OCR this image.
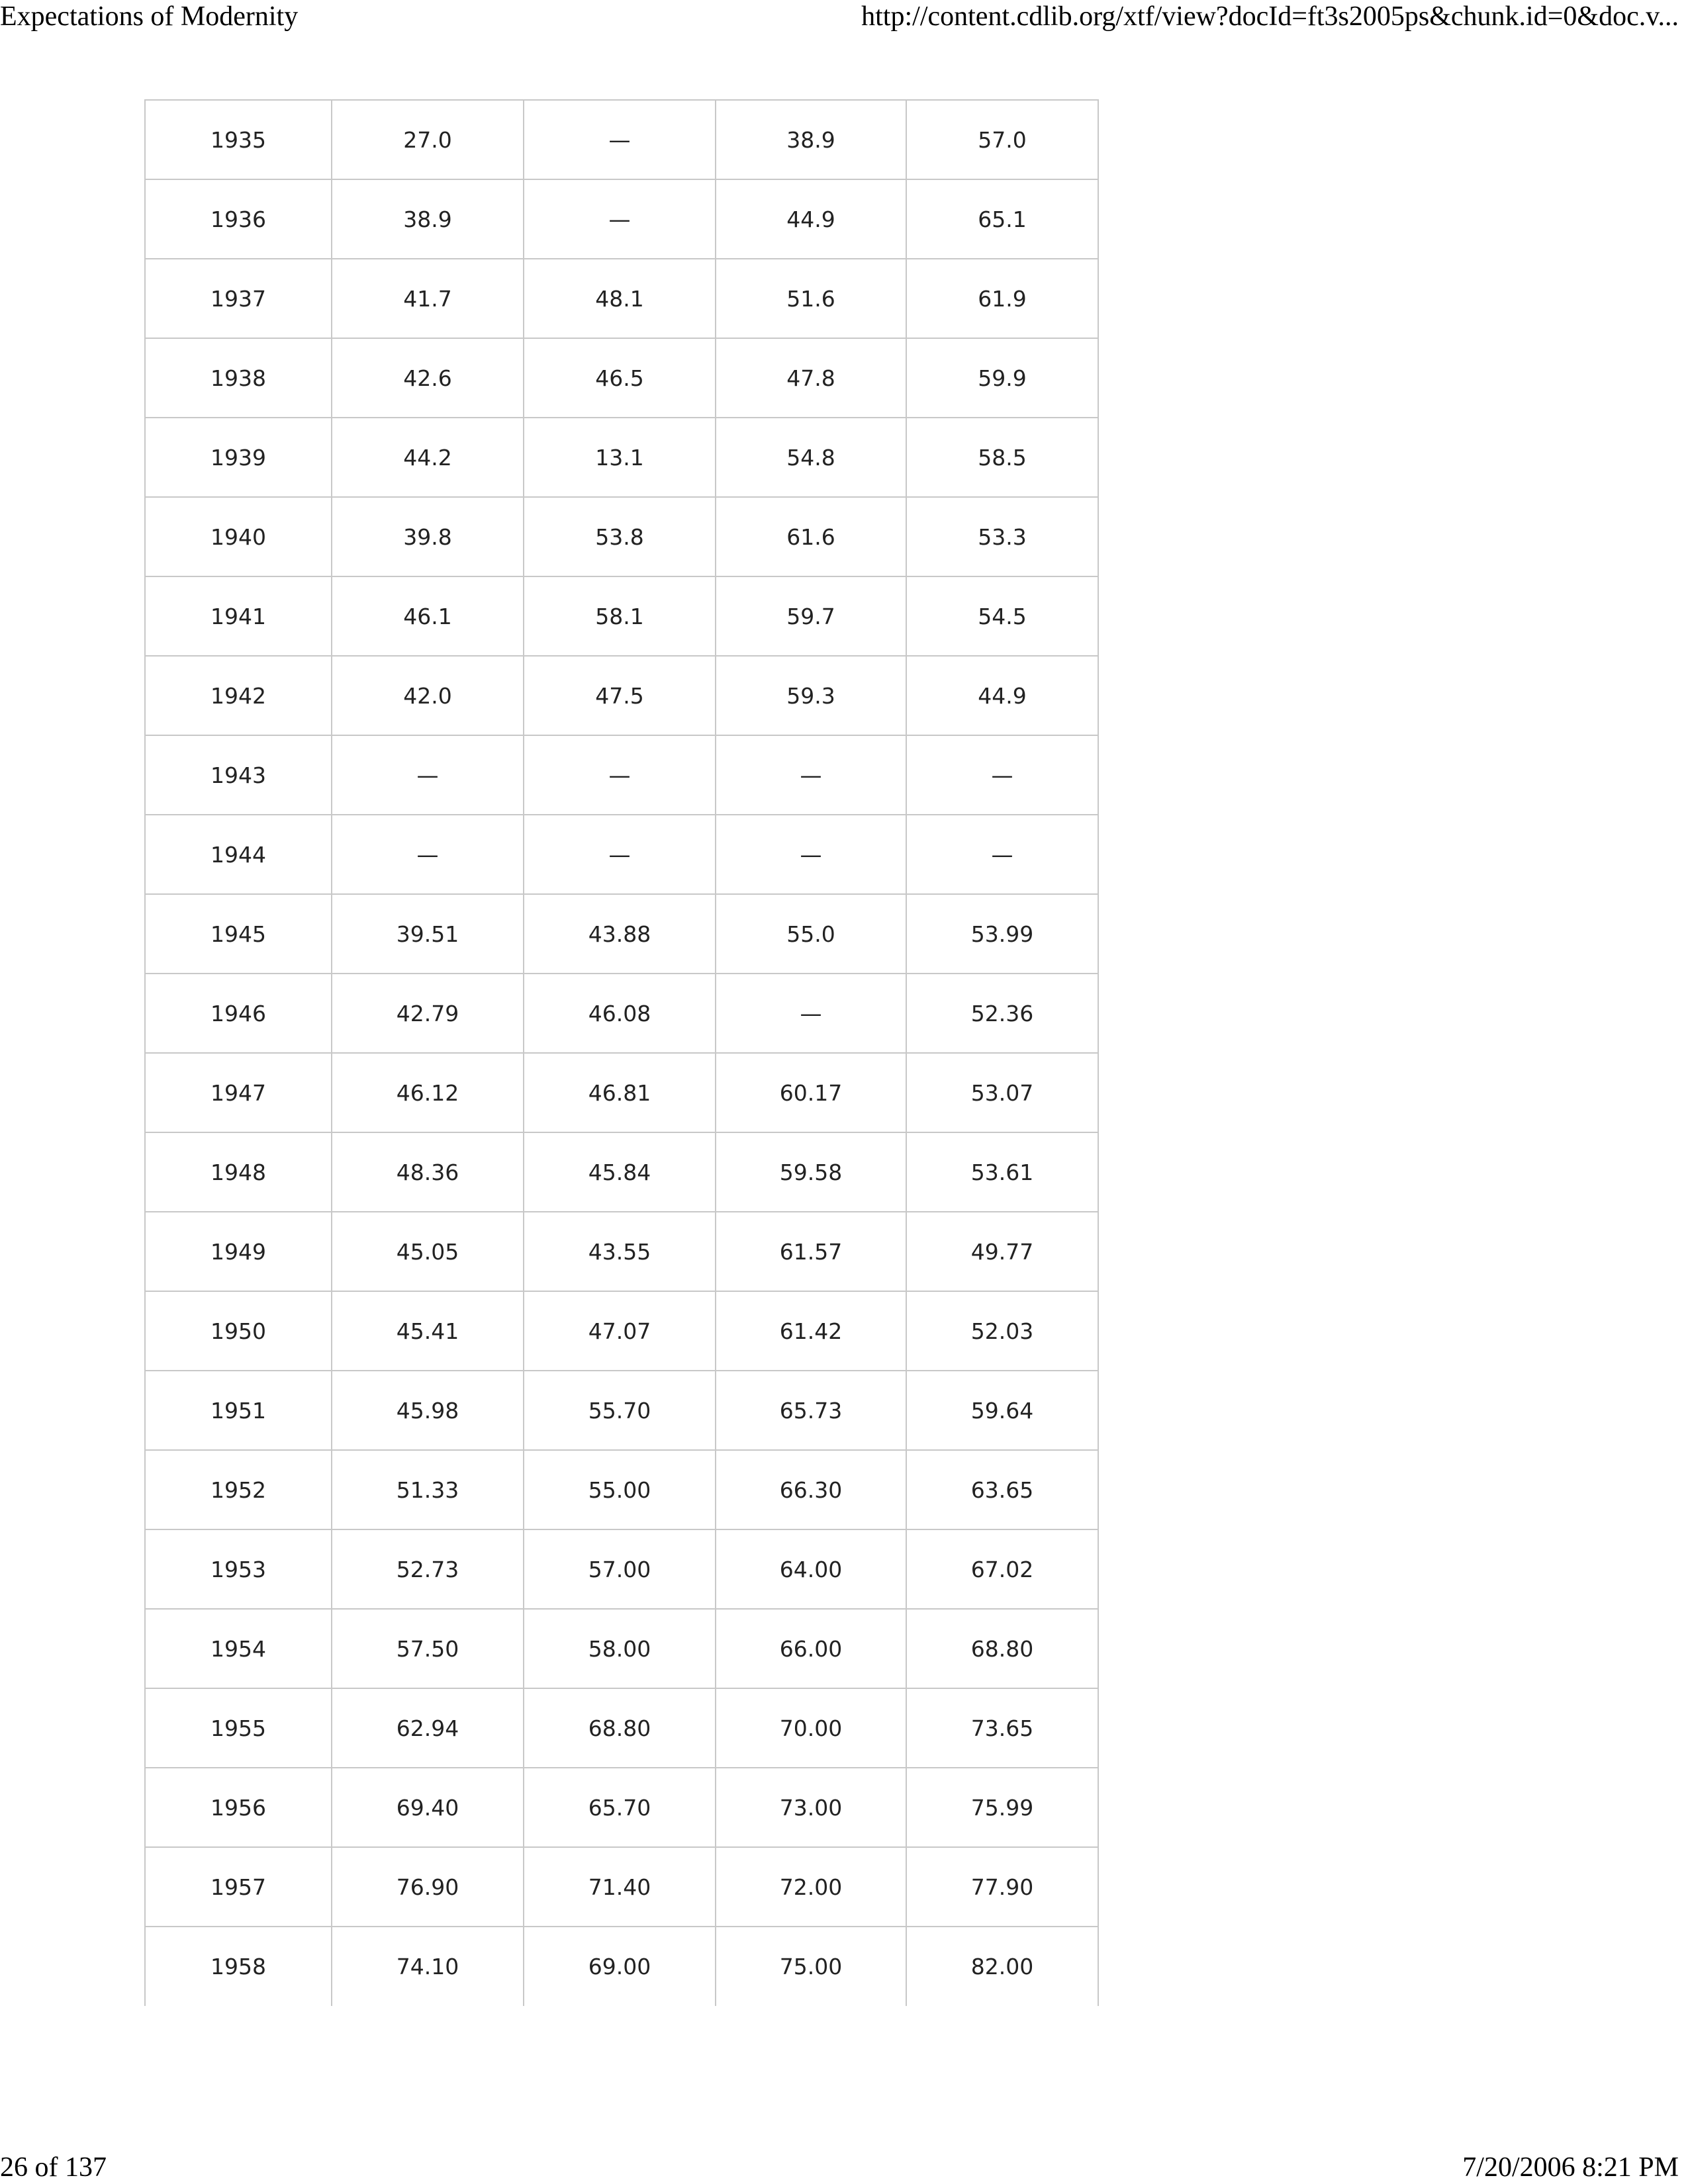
Expectations of Modernity	http://content.cdlib.org/xtf/view?docId=ft3s2005ps&chunk.id=0&doc.v...
1935	27.0	—	38.9	57.0
1936	38.9	—	44.9	65.1
1937	41.7	48.1	51.6	61.9
1938	42.6	46.5	47.8	59.9
1939	44.2	13.1	54.8	58.5
1940	39.8	53.8	61.6	53.3
1941	46.1	58.1	59.7	54.5
1942	42.0	47.5	59.3	44.9
1943	—	—	—	—
1944	—	—	—	—
1945	39.51	43.88	55.0	53.99
1946	42.79	46.08	—	52.36
1947	46.12	46.81	60.17	53.07
1948	48.36	45.84	59.58	53.61
1949	45.05	43.55	61.57	49.77
1950	45.41	47.07	61.42	52.03
1951	45.98	55.70	65.73	59.64
1952	51.33	55.00	66.30	63.65
1953	52.73	57.00	64.00	67.02
1954	57.50	58.00	66.00	68.80
1955	62.94	68.80	70.00	73.65
1956	69.40	65.70	73.00	75.99
1957	76.90	71.40	72.00	77.90
1958	74.10	69.00	75.00	82.00
26 of 137	7/20/2006 8:21 PM
